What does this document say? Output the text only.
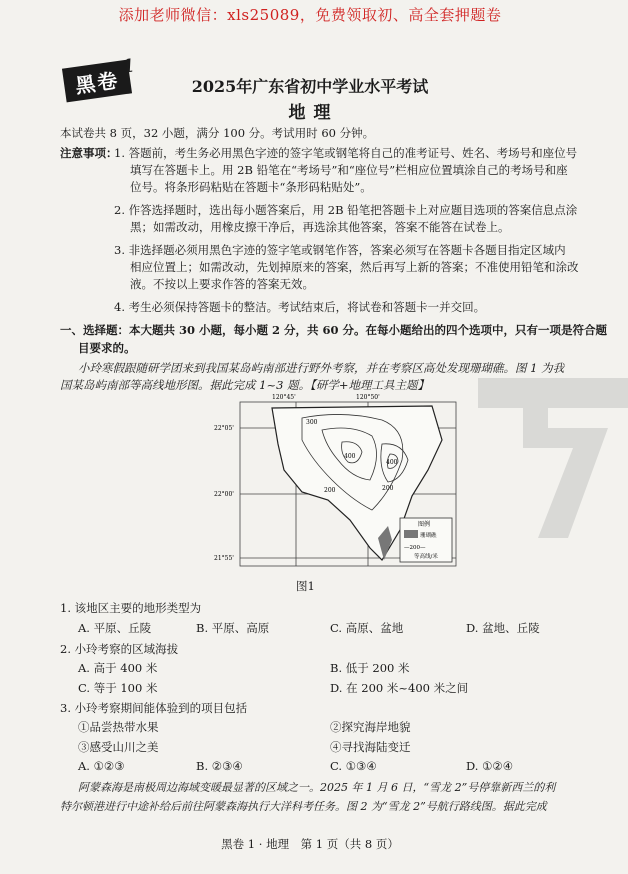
添加老师微信：xls25089，免费领取初、高全套押题卷
黑卷
1
2025年广东省初中学业水平考试
地 理
本试卷共 8 页，32 小题，满分 100 分。考试用时 60 分钟。
注意事项：
1. 答题前，考生务必用黑色字迹的签字笔或钢笔将自己的准考证号、姓名、考场号和座位号
填写在答题卡上。用 2B 铅笔在“考场号”和“座位号”栏相应位置填涂自己的考场号和座
位号。将条形码粘贴在答题卡“条形码粘贴处”。
2. 作答选择题时，选出每小题答案后，用 2B 铅笔把答题卡上对应题目选项的答案信息点涂
黑；如需改动，用橡皮擦干净后，再选涂其他答案，答案不能答在试卷上。
3. 非选择题必须用黑色字迹的签字笔或钢笔作答，答案必须写在答题卡各题目指定区域内
相应位置上；如需改动，先划掉原来的答案，然后再写上新的答案；不准使用铅笔和涂改
液。不按以上要求作答的答案无效。
4. 考生必须保持答题卡的整洁。考试结束后，将试卷和答题卡一并交回。
一、选择题：本大题共 30 小题，每小题 2 分，共 60 分。在每小题给出的四个选项中，只有一项是符合题
目要求的。
小玲寒假跟随研学团来到我国某岛屿南部进行野外考察，并在考察区高处发现珊瑚礁。图 1 为我
国某岛屿南部等高线地形图。据此完成 1~3 题。【研学+地理工具主题】
120°45'	120°50'
22°05'
22°00'
21°55'
300
200
400
200
400
图例
珊瑚礁
—200—
等高线/米
图1
1. 该地区主要的地形类型为
A. 平原、丘陵	B. 平原、高原	C. 高原、盆地	D. 盆地、丘陵
2. 小玲考察的区域海拔
A. 高于 400 米	B. 低于 200 米
C. 等于 100 米	D. 在 200 米~400 米之间
3. 小玲考察期间能体验到的项目包括
①品尝热带水果	②探究海岸地貌
③感受山川之美	④寻找海陆变迁
A. ①②③	B. ②③④	C. ①③④	D. ①②④
阿蒙森海是南极周边海域变暖最显著的区域之一。2025 年 1 月 6 日，“雪龙 2”号停靠新西兰的利
特尔顿港进行中途补给后前往阿蒙森海执行大洋科考任务。图 2 为“雪龙 2”号航行路线图。据此完成
黑卷 1 · 地理　第 1 页（共 8 页）
